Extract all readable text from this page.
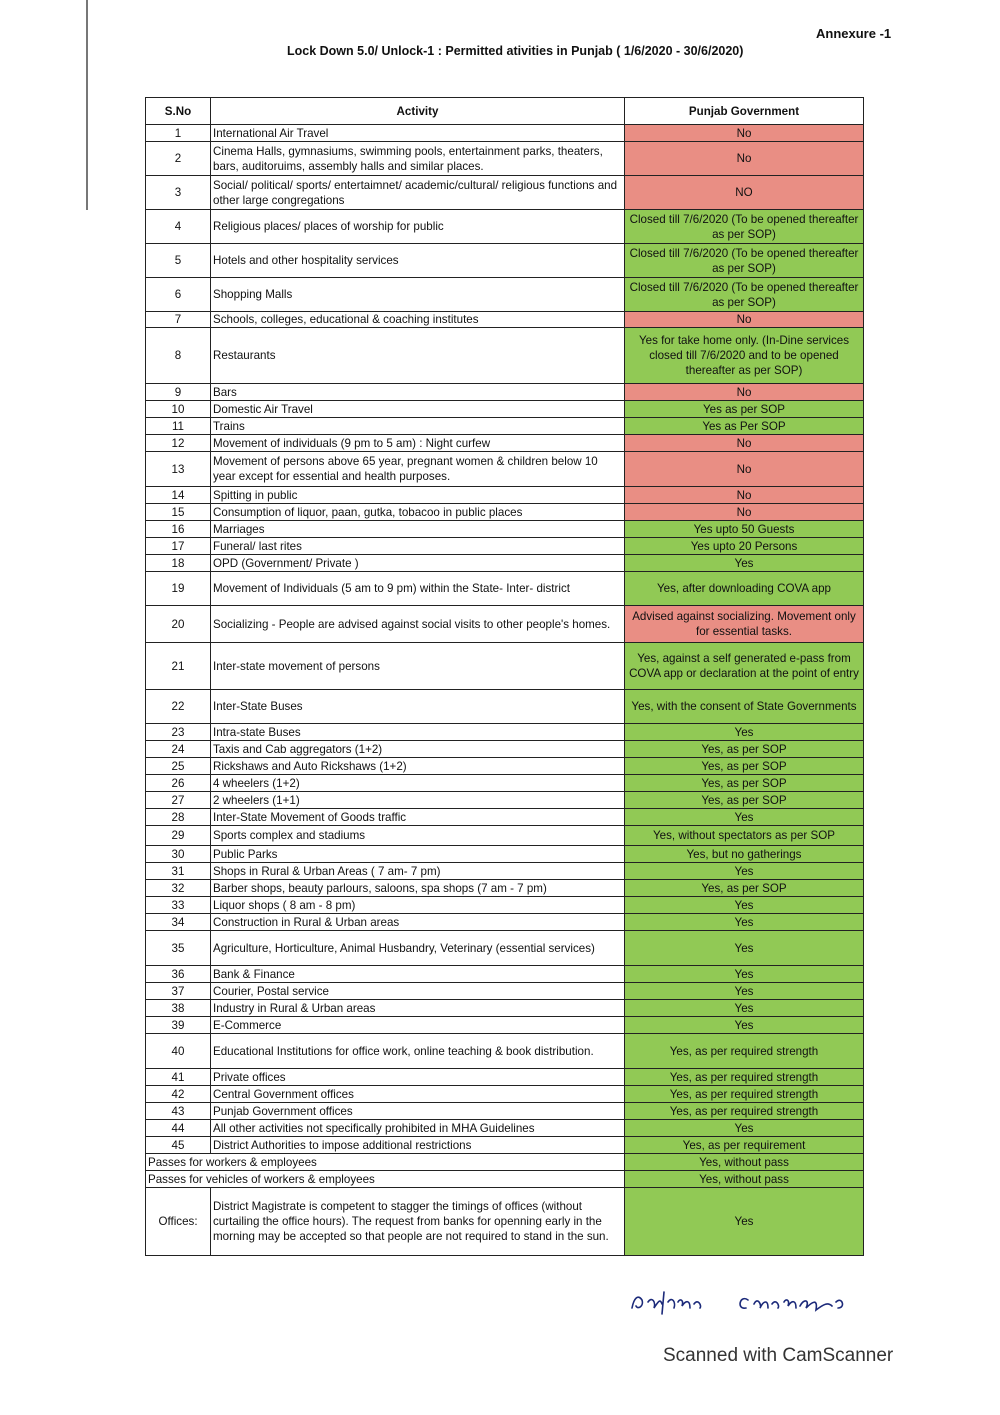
Annexure -1
Lock Down 5.0/ Unlock-1 : Permitted ativities in Punjab ( 1/6/2020 - 30/6/2020)
S.No	Activity	Punjab Government
1	International Air Travel	No
2	Cinema Halls, gymnasiums, swimming pools, entertainment parks, theaters, bars, auditoruims, assembly halls and similar places.	No
3	Social/ political/ sports/ entertaimnet/ academic/cultural/ religious functions and other large congregations	NO
4	Religious places/ places of worship for public	Closed till 7/6/2020 (To be opened thereafter as per SOP)
5	Hotels and other hospitality services	Closed till 7/6/2020 (To be opened thereafter as per SOP)
6	Shopping Malls	Closed till 7/6/2020 (To be opened thereafter as per SOP)
7	Schools, colleges, educational & coaching institutes	No
8	Restaurants	Yes for take home only. (In-Dine services closed till 7/6/2020 and to be opened thereafter as per SOP)
9	Bars	No
10	Domestic Air Travel	Yes as per SOP
11	Trains	Yes as Per SOP
12	Movement of individuals (9 pm to 5 am) : Night curfew	No
13	Movement of persons above 65 year, pregnant women & children below 10 year except for essential and health purposes.	No
14	Spitting in public	No
15	Consumption of liquor, paan, gutka, tobacoo in public places	No
16	Marriages	Yes upto 50 Guests
17	Funeral/ last rites	Yes upto 20 Persons
18	OPD (Government/ Private )	Yes
19	Movement of Individuals (5 am to 9 pm) within the State- Inter- district	Yes, after downloading COVA app
20	Socializing - People are advised against social visits to other people's homes.	Advised against socializing. Movement only for essential tasks.
21	Inter-state movement of persons	Yes, against a self generated e-pass from COVA app or declaration at the point of entry
22	Inter-State Buses	Yes, with the consent of State Governments
23	Intra-state Buses	Yes
24	Taxis and Cab aggregators (1+2)	Yes, as per SOP
25	Rickshaws and Auto Rickshaws (1+2)	Yes, as per SOP
26	4 wheelers (1+2)	Yes, as per SOP
27	2 wheelers (1+1)	Yes, as per SOP
28	Inter-State Movement of Goods traffic	Yes
29	Sports complex and stadiums	Yes, without spectators as per SOP
30	Public Parks	Yes, but no gatherings
31	Shops in Rural & Urban Areas ( 7 am- 7 pm)	Yes
32	Barber shops, beauty parlours, saloons, spa shops (7 am - 7 pm)	Yes, as per SOP
33	Liquor shops ( 8 am - 8 pm)	Yes
34	Construction in Rural & Urban areas	Yes
35	Agriculture, Horticulture, Animal Husbandry, Veterinary (essential services)	Yes
36	Bank & Finance	Yes
37	Courier, Postal service	Yes
38	Industry in Rural & Urban areas	Yes
39	E-Commerce	Yes
40	Educational Institutions for office work, online teaching & book distribution.	Yes, as per required strength
41	Private offices	Yes, as per required strength
42	Central Government offices	Yes, as per required strength
43	Punjab Government offices	Yes, as per required strength
44	All other activities not specifically prohibited in MHA Guidelines	Yes
45	District Authorities to impose additional restrictions	Yes, as per requirement
Passes for workers & employees		Yes, without pass
Passes for vehicles of workers & employees		Yes, without pass
Offices:	District Magistrate is competent to stagger the timings of offices (without curtailing the office hours). The request from banks for openning early in the morning may be accepted so that people are not required to stand in the sun.	Yes
Scanned with CamScanner
